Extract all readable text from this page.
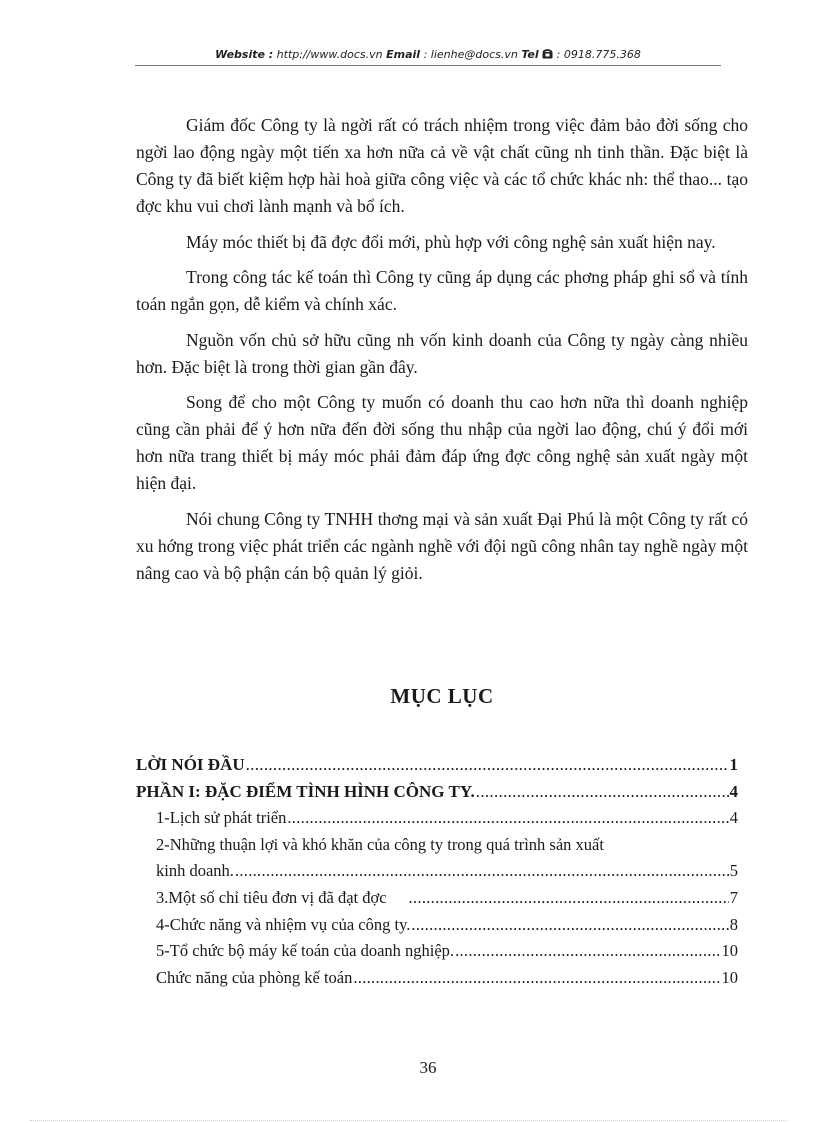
Website : http://www.docs.vn Email : lienhe@docs.vn Tel  : 0918.775.368

Giám đốc Công ty là ngời rất có trách nhiệm trong việc đảm bảo đời sống cho ngời lao động ngày một tiến xa hơn nữa cả về vật chất cũng nh tinh thần. Đặc biệt là Công ty đã biết kiệm hợp hài hoà giữa công việc và các tổ chức khác nh: thể thao... tạo đợc khu vui chơi lành mạnh và bổ ích.

Máy móc thiết bị đã đợc đổi mới, phù hợp với công nghệ sản xuất hiện nay.

Trong công tác kế toán thì Công ty cũng áp dụng các phơng pháp ghi sổ và tính toán ngắn gọn, dễ kiểm và chính xác.

Nguồn vốn chủ sở hữu cũng nh vốn kinh doanh của Công ty ngày càng nhiều hơn. Đặc biệt là trong thời gian gần đây.

Song để cho một Công ty muốn có doanh thu cao hơn nữa thì doanh nghiệp cũng cần phải để ý hơn nữa đến đời sống thu nhập của ngời lao động, chú ý đổi mới hơn nữa trang thiết bị máy móc phải đảm đáp ứng đợc công nghệ sản xuất ngày một hiện đại.

Nói chung Công ty TNHH thơng mại và sản xuất Đại Phú là một Công ty rất có xu hớng trong việc phát triển các ngành nghề với đội ngũ công nhân tay nghề ngày một nâng cao và bộ phận cán bộ quản lý giỏi.

MỤC LỤC
LỜI NÓI ĐẦU .....	1
PHẦN I: ĐẶC ĐIỂM TÌNH HÌNH CÔNG TY. .....	4
1-Lịch sử phát triển .....	4
2-Những thuận lợi và khó khăn của công ty trong quá trình sản xuất
kinh doanh. .....	5
3.Một số chỉ tiêu đơn vị đã đạt đợc .....	7
4-Chức năng và nhiệm vụ của công ty. .....	8
5-Tổ chức bộ máy kế toán của doanh nghiệp. .....	10
Chức năng của phòng kế toán .....	10
36
